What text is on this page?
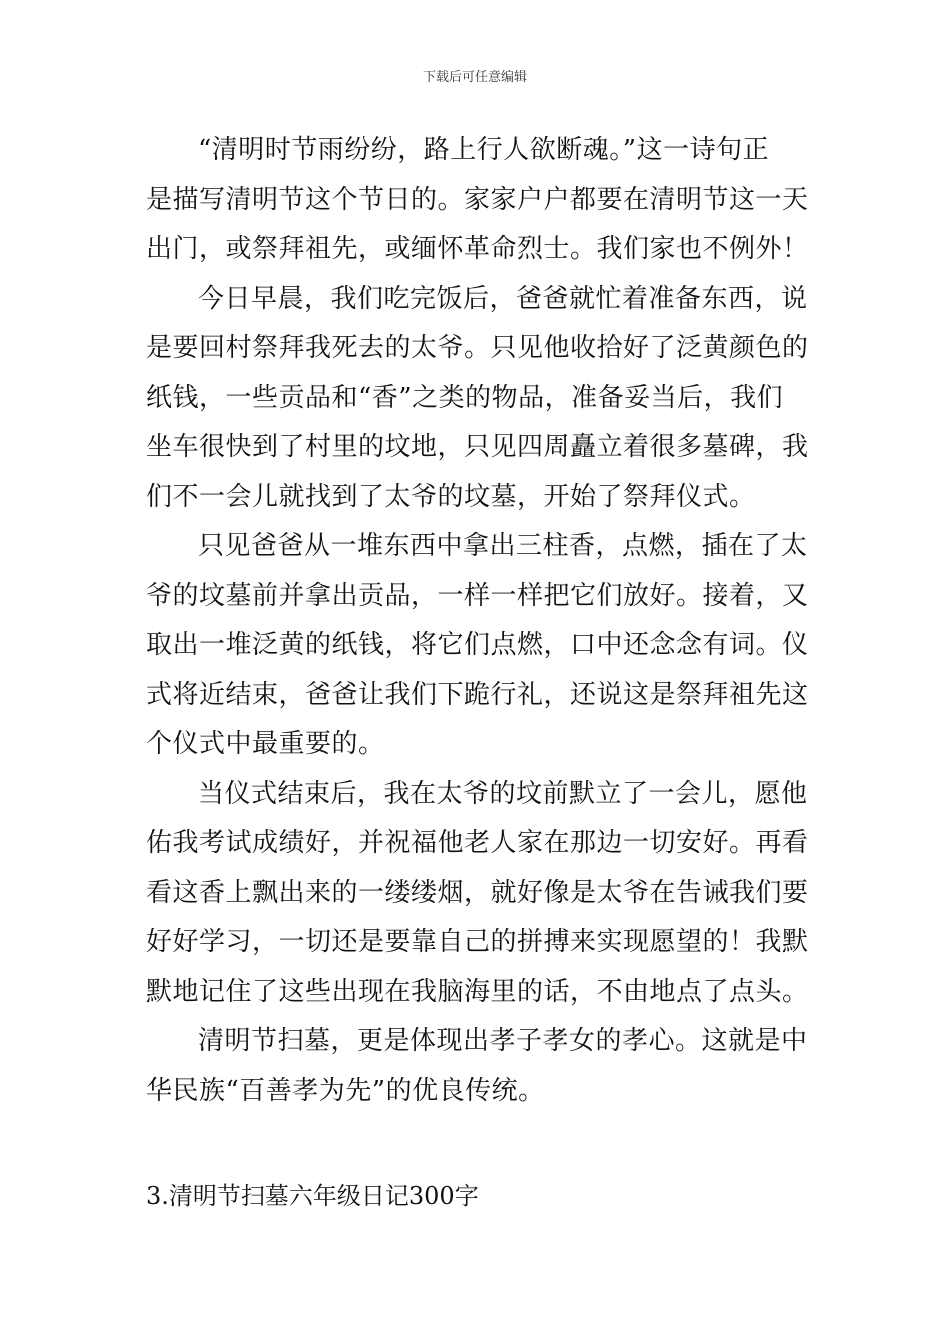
下载后可任意编辑

“清明时节雨纷纷，路上行人欲断魂。”这一诗句正
是描写清明节这个节日的。家家户户都要在清明节这一天
出门，或祭拜祖先，或缅怀革命烈士。我们家也不例外！

今日早晨，我们吃完饭后，爸爸就忙着准备东西，说
是要回村祭拜我死去的太爷。只见他收拾好了泛黄颜色的
纸钱，一些贡品和“香”之类的物品，准备妥当后，我们
坐车很快到了村里的坟地，只见四周矗立着很多墓碑，我
们不一会儿就找到了太爷的坟墓，开始了祭拜仪式。

只见爸爸从一堆东西中拿出三柱香，点燃，插在了太
爷的坟墓前并拿出贡品，一样一样把它们放好。接着，又
取出一堆泛黄的纸钱，将它们点燃，口中还念念有词。仪
式将近结束，爸爸让我们下跪行礼，还说这是祭拜祖先这
个仪式中最重要的。

当仪式结束后，我在太爷的坟前默立了一会儿，愿他
佑我考试成绩好，并祝福他老人家在那边一切安好。再看
看这香上飘出来的一缕缕烟，就好像是太爷在告诫我们要
好好学习，一切还是要靠自己的拼搏来实现愿望的！我默
默地记住了这些出现在我脑海里的话，不由地点了点头。

清明节扫墓，更是体现出孝子孝女的孝心。这就是中
华民族“百善孝为先”的优良传统。

3.清明节扫墓六年级日记300字
